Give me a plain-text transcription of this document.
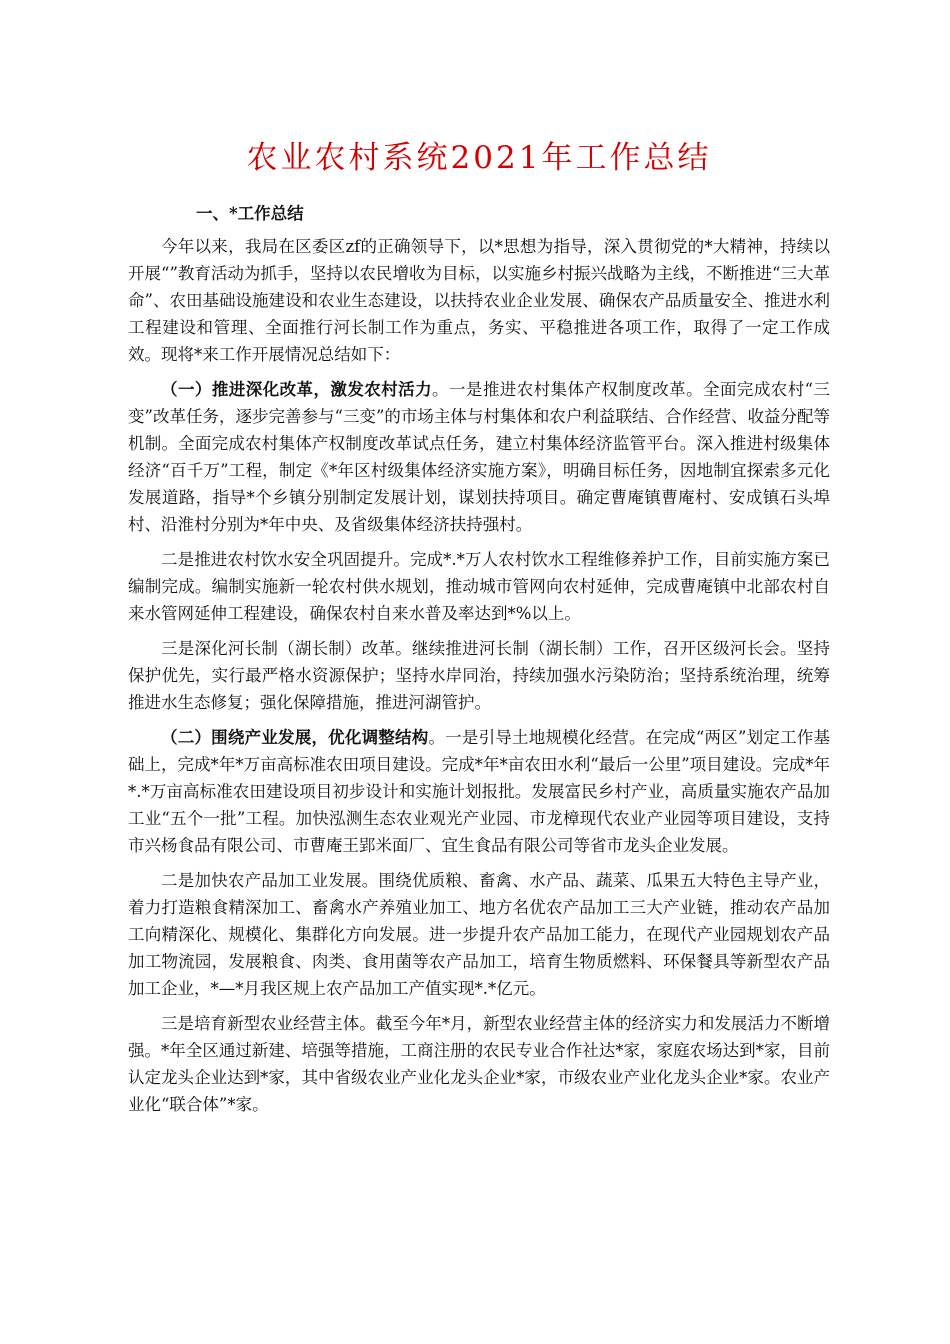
农业农村系统2021年工作总结
一、*工作总结

今年以来，我局在区委区zf的正确领导下，以*思想为指导，深入贯彻党的*大精神，持续以开展“”教育活动为抓手，坚持以农民增收为目标，以实施乡村振兴战略为主线，不断推进“三大革命”、农田基础设施建设和农业生态建设，以扶持农业企业发展、确保农产品质量安全、推进水利工程建设和管理、全面推行河长制工作为重点，务实、平稳推进各项工作，取得了一定工作成效。现将*来工作开展情况总结如下：

（一）推进深化改革，激发农村活力。一是推进农村集体产权制度改革。全面完成农村“三变”改革任务，逐步完善参与“三变”的市场主体与村集体和农户利益联结、合作经营、收益分配等机制。全面完成农村集体产权制度改革试点任务，建立村集体经济监管平台。深入推进村级集体经济“百千万”工程，制定《*年区村级集体经济实施方案》，明确目标任务，因地制宜探索多元化发展道路，指导*个乡镇分别制定发展计划，谋划扶持项目。确定曹庵镇曹庵村、安成镇石头埠村、沿淮村分别为*年中央、及省级集体经济扶持强村。

二是推进农村饮水安全巩固提升。完成*.*万人农村饮水工程维修养护工作，目前实施方案已编制完成。编制实施新一轮农村供水规划，推动城市管网向农村延伸，完成曹庵镇中北部农村自来水管网延伸工程建设，确保农村自来水普及率达到*%以上。

三是深化河长制（湖长制）改革。继续推进河长制（湖长制）工作，召开区级河长会。坚持保护优先，实行最严格水资源保护；坚持水岸同治，持续加强水污染防治；坚持系统治理，统筹推进水生态修复；强化保障措施，推进河湖管护。

（二）围绕产业发展，优化调整结构。一是引导土地规模化经营。在完成“两区”划定工作基础上，完成*年*万亩高标准农田项目建设。完成*年*亩农田水利“最后一公里”项目建设。完成*年*.*万亩高标准农田建设项目初步设计和实施计划报批。发展富民乡村产业，高质量实施农产品加工业“五个一批”工程。加快泓测生态农业观光产业园、市龙樟现代农业产业园等项目建设，支持市兴杨食品有限公司、市曹庵王郢米面厂、宜生食品有限公司等省市龙头企业发展。

二是加快农产品加工业发展。围绕优质粮、畜禽、水产品、蔬菜、瓜果五大特色主导产业，着力打造粮食精深加工、畜禽水产养殖业加工、地方名优农产品加工三大产业链，推动农产品加工向精深化、规模化、集群化方向发展。进一步提升农产品加工能力，在现代产业园规划农产品加工物流园，发展粮食、肉类、食用菌等农产品加工，培育生物质燃料、环保餐具等新型农产品加工企业，*—*月我区规上农产品加工产值实现*.*亿元。

三是培育新型农业经营主体。截至今年*月，新型农业经营主体的经济实力和发展活力不断增强。*年全区通过新建、培强等措施，工商注册的农民专业合作社达*家，家庭农场达到*家，目前认定龙头企业达到*家，其中省级农业产业化龙头企业*家，市级农业产业化龙头企业*家。农业产业化“联合体”*家。
